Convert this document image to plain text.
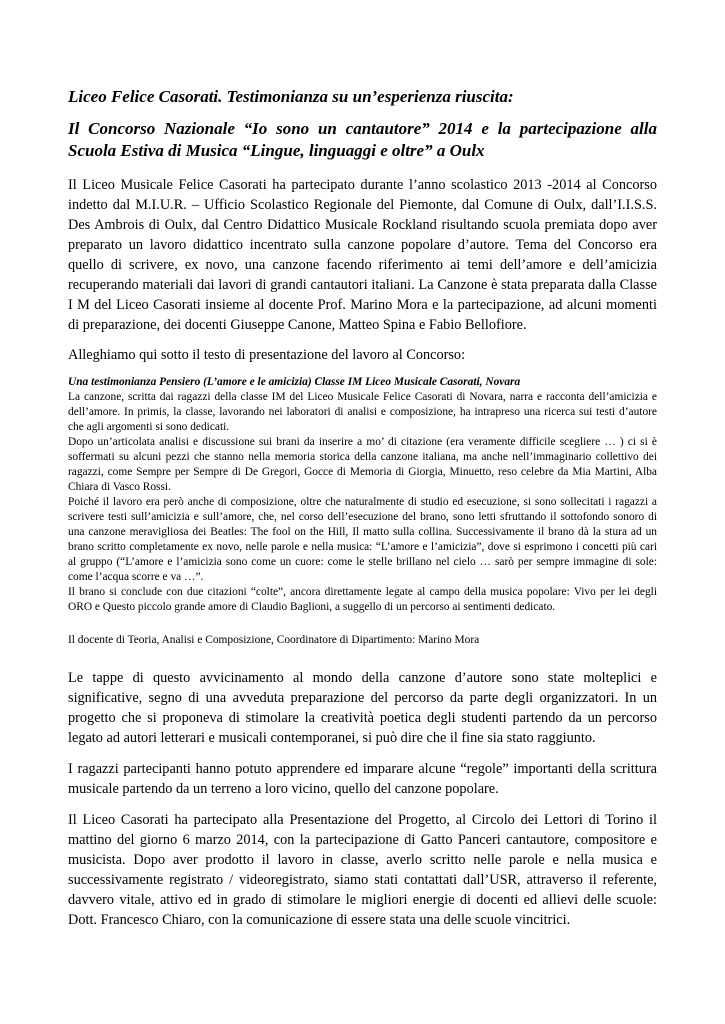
Liceo Felice Casorati. Testimonianza su un’esperienza riuscita:
Il Concorso Nazionale “Io sono un cantautore” 2014 e la partecipazione alla Scuola Estiva di Musica “Lingue, linguaggi e oltre” a Oulx
Il Liceo Musicale Felice Casorati ha partecipato durante l’anno scolastico 2013 -2014 al Concorso indetto dal M.I.U.R. – Ufficio Scolastico Regionale del Piemonte, dal Comune di Oulx, dall’I.I.S.S. Des Ambrois di Oulx, dal Centro Didattico Musicale Rockland risultando scuola premiata dopo aver preparato un lavoro didattico incentrato sulla canzone popolare d’autore. Tema del Concorso era quello di scrivere, ex novo, una canzone facendo riferimento ai temi dell’amore e dell’amicizia recuperando materiali dai lavori di grandi cantautori italiani. La Canzone è stata preparata dalla Classe I M del Liceo Casorati insieme al docente Prof. Marino Mora e la partecipazione, ad alcuni momenti di preparazione, dei docenti Giuseppe Canone, Matteo Spina e Fabio Bellofiore.
Alleghiamo qui sotto il testo di presentazione del lavoro al Concorso:
Una testimonianza Pensiero (L’amore e le amicizia) Classe IM Liceo Musicale Casorati, Novara
La canzone, scritta dai ragazzi della classe IM del Liceo Musicale Felice Casorati di Novara, narra e racconta dell’amicizia e dell’amore. In primis, la classe, lavorando nei laboratori di analisi e composizione, ha intrapreso una ricerca sui testi d’autore che agli argomenti si sono dedicati.
Dopo un’articolata analisi e discussione sui brani da inserire a mo’ di citazione (era veramente difficile scegliere … ) ci si è soffermati su alcuni pezzi che stanno nella memoria storica della canzone italiana, ma anche nell’immaginario collettivo dei ragazzi, come Sempre per Sempre di De Gregori, Gocce di Memoria di Giorgia, Minuetto, reso celebre da Mia Martini, Alba Chiara di Vasco Rossi.
Poiché il lavoro era però anche di composizione, oltre che naturalmente di studio ed esecuzione, si sono sollecitati i ragazzi a scrivere testi sull’amicizia e sull’amore, che, nel corso dell’esecuzione del brano, sono letti sfruttando il sottofondo sonoro di una canzone meravigliosa dei Beatles: The fool on the Hill, Il matto sulla collina. Successivamente il brano dà la stura ad un brano scritto completamente ex novo, nelle parole e nella musica: “L’amore e l’amicizia”, dove si esprimono i concetti più cari al gruppo (“L’amore e l’amicizia sono come un cuore: come le stelle brillano nel cielo … sarò per sempre immagine di sole: come l’acqua scorre e va …”.
Il brano si conclude con due citazioni “colte”, ancora direttamente legate al campo della musica popolare: Vivo per lei degli ORO e Questo piccolo grande amore di Claudio Baglioni, a suggello di un percorso ai sentimenti dedicato.
Il docente di Teoria, Analisi e Composizione, Coordinatore di Dipartimento: Marino Mora
Le tappe di questo avvicinamento al mondo della canzone d’autore sono state molteplici e significative, segno di una avveduta preparazione del percorso da parte degli organizzatori. In un progetto che si proponeva di stimolare la creatività poetica degli studenti partendo da un percorso legato ad autori letterari e musicali contemporanei, si può dire che il fine sia stato raggiunto.
I ragazzi partecipanti hanno potuto apprendere ed imparare alcune “regole” importanti della scrittura musicale partendo da un terreno a loro vicino, quello del canzone popolare.
Il Liceo Casorati ha partecipato alla Presentazione del Progetto, al Circolo dei Lettori di Torino il mattino del giorno 6 marzo 2014, con la partecipazione di Gatto Panceri cantautore, compositore e musicista. Dopo aver prodotto il lavoro in classe, averlo scritto nelle parole e nella musica e successivamente registrato / videoregistrato, siamo stati contattati dall’USR, attraverso il referente, davvero vitale, attivo ed in grado di stimolare le migliori energie di docenti ed allievi delle scuole: Dott. Francesco Chiaro, con la comunicazione di essere stata una delle scuole vincitrici.
